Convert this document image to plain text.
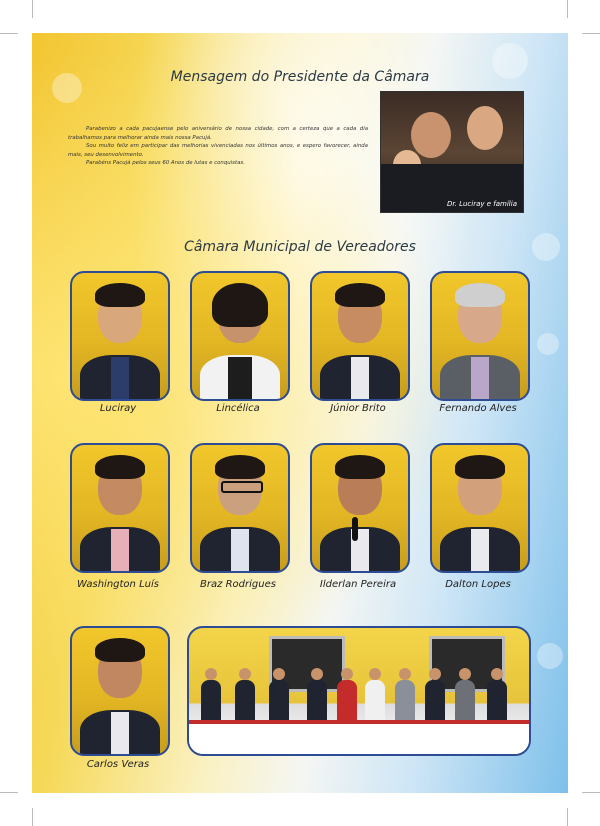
Mensagem do Presidente da Câmara

Parabenizo a cada pacujaense pelo aniversário de nossa cidade, com a certeza que a cada dia trabalhamos para melhorar ainda mais nossa Pacujá.

Sou muito feliz em participar das melhorias vivenciadas nos últimos anos, e espero favorecer, ainda mais, seu desenvolvimento.

Parabéns Pacujá pelos seus 60 Anos de lutas e conquistas.

Dr. Luciray e família
Câmara Municipal de Vereadores
Luciray	Lincélica	Júnior Brito	Fernando Alves
Washington Luís	Braz Rodrigues	Ilderlan Pereira	Dalton Lopes
Carlos Veras
